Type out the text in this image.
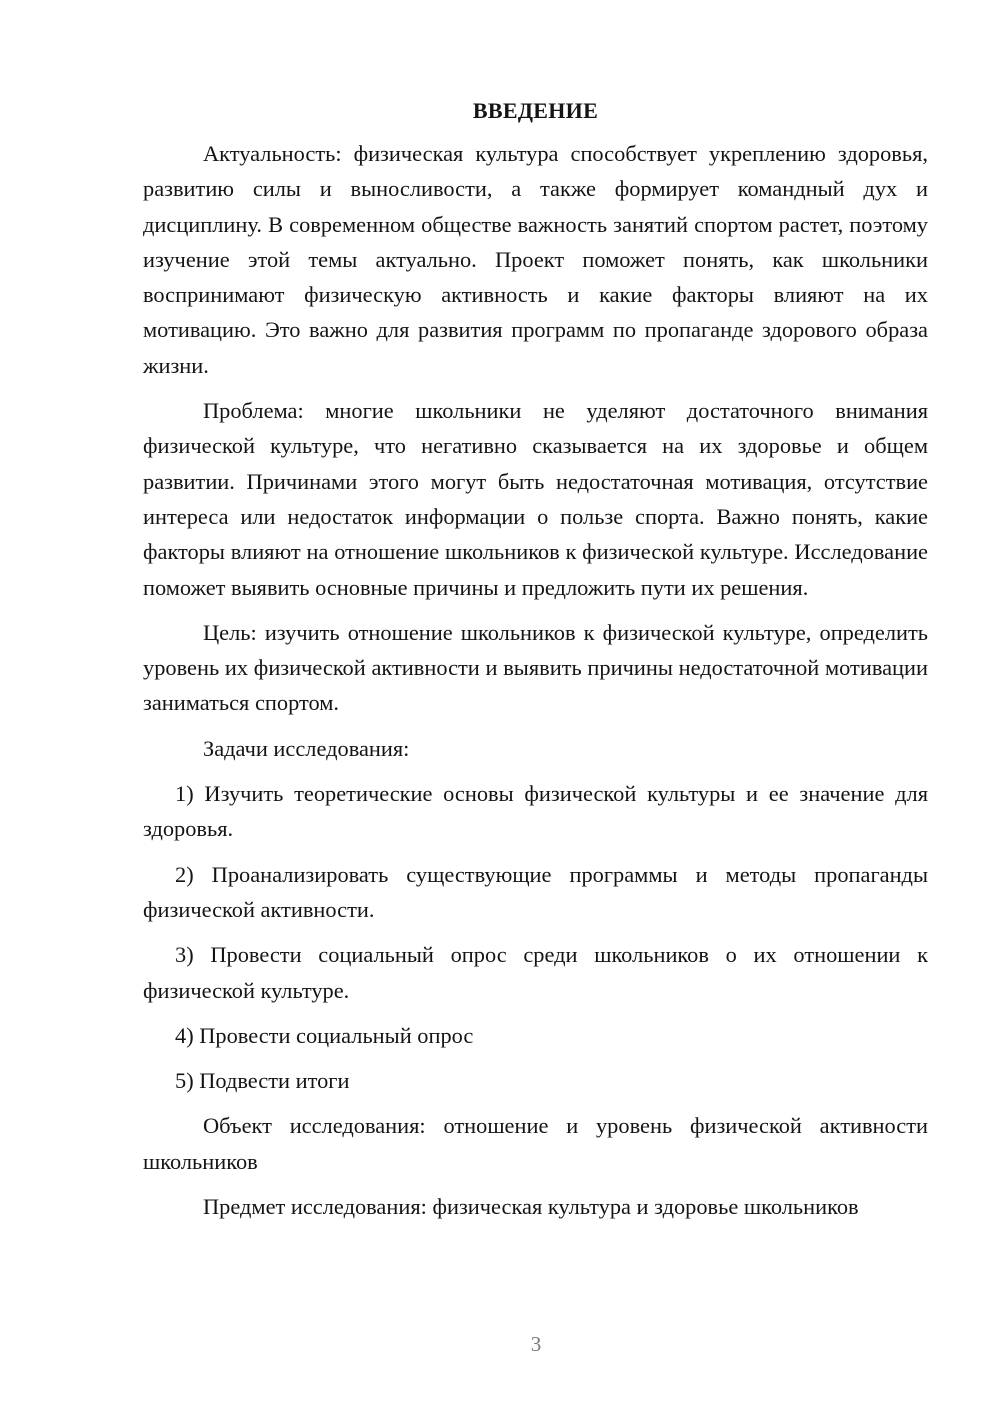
ВВЕДЕНИЕ

Актуальность: физическая культура способствует укреплению здоровья, развитию силы и выносливости, а также формирует командный дух и дисциплину. В современном обществе важность занятий спортом растет, поэтому изучение этой темы актуально. Проект поможет понять, как школьники воспринимают физическую активность и какие факторы влияют на их мотивацию. Это важно для развития программ по пропаганде здорового образа жизни.

Проблема: многие школьники не уделяют достаточного внимания физической культуре, что негативно сказывается на их здоровье и общем развитии. Причинами этого могут быть недостаточная мотивация, отсутствие интереса или недостаток информации о пользе спорта. Важно понять, какие факторы влияют на отношение школьников к физической культуре. Исследование поможет выявить основные причины и предложить пути их решения.

Цель: изучить отношение школьников к физической культуре, определить уровень их физической активности и выявить причины недостаточной мотивации заниматься спортом.

Задачи исследования:

1) Изучить теоретические основы физической культуры и ее значение для здоровья.

2) Проанализировать существующие программы и методы пропаганды физической активности.

3) Провести социальный опрос среди школьников о их отношении к физической культуре.

4) Провести социальный опрос

5) Подвести итоги

Объект исследования: отношение и уровень физической активности школьников

Предмет исследования: физическая культура и здоровье школьников

3
